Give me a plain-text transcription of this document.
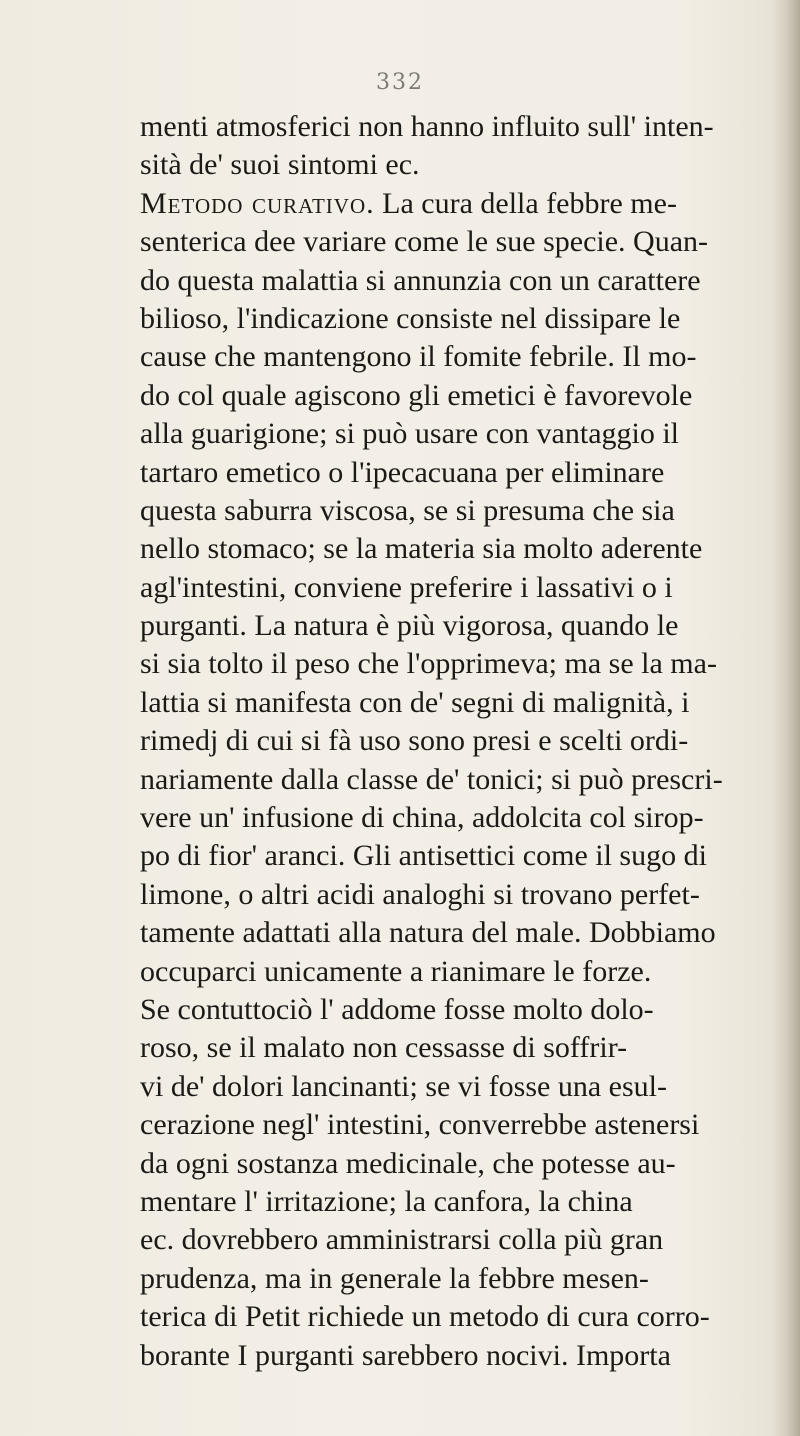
332
menti atmosferici non hanno influito sull' inten-
sità de' suoi sintomi ec.
Metodo curativo. La cura della febbre me-
senterica dee variare come le sue specie. Quan-
do questa malattia si annunzia con un carattere
bilioso, l'indicazione consiste nel dissipare le
cause che mantengono il fomite febrile. Il mo-
do col quale agiscono gli emetici è favorevole
alla guarigione; si può usare con vantaggio il
tartaro emetico o l'ipecacuana per eliminare
questa saburra viscosa, se si presuma che sia
nello stomaco; se la materia sia molto aderente
agl'intestini, conviene preferire i lassativi o i
purganti. La natura è più vigorosa, quando le
si sia tolto il peso che l'opprimeva; ma se la ma-
lattia si manifesta con de' segni di malignità, i
rimedj di cui si fà uso sono presi e scelti ordi-
nariamente dalla classe de' tonici; si può prescri-
vere un' infusione di china, addolcita col sirop-
po di fior' aranci. Gli antisettici come il sugo di
limone, o altri acidi analoghi si trovano perfet-
tamente adattati alla natura del male. Dobbiamo
occuparci unicamente a rianimare le forze.
Se contuttociò l' addome fosse molto dolo-
roso, se il malato non cessasse di soffrir-
vi de' dolori lancinanti; se vi fosse una esul-
cerazione negl' intestini, converrebbe astenersi
da ogni sostanza medicinale, che potesse au-
mentare l' irritazione; la canfora, la china
ec. dovrebbero amministrarsi colla più gran
prudenza, ma in generale la febbre mesen-
terica di Petit richiede un metodo di cura corro-
borante I purganti sarebbero nocivi. Importa
